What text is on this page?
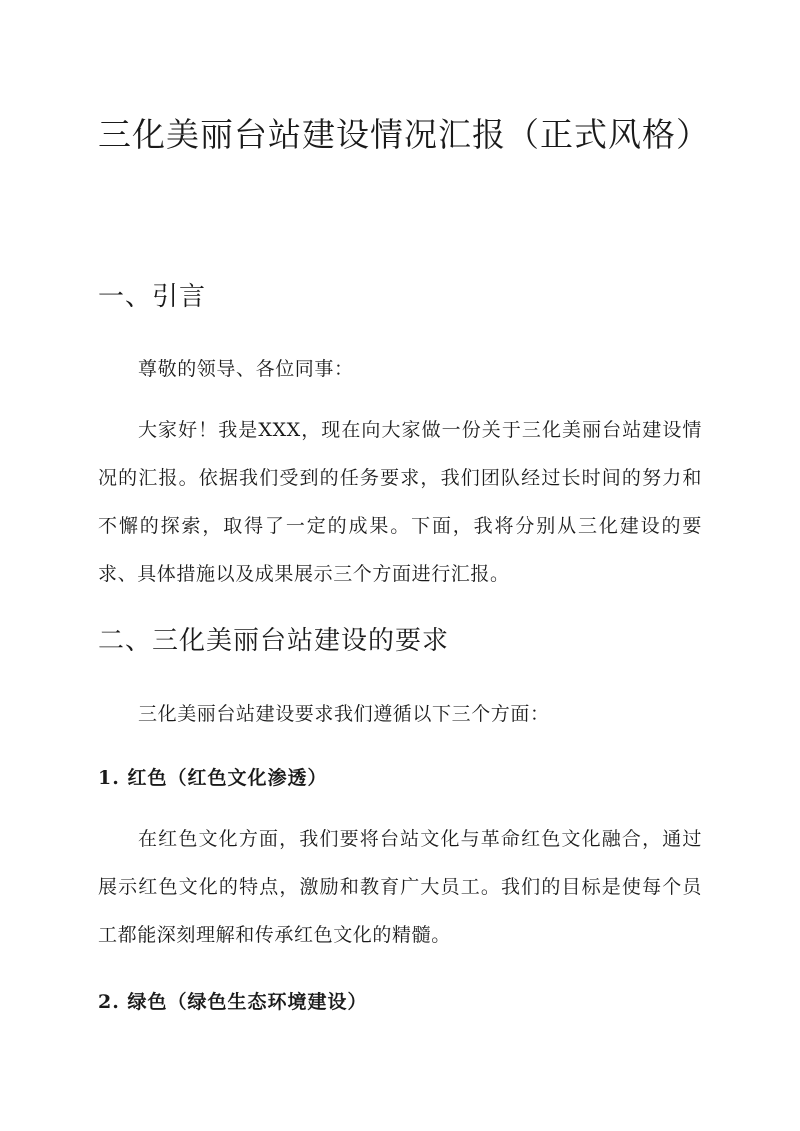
三化美丽台站建设情况汇报（正式风格）
一、引言

尊敬的领导、各位同事：

大家好！我是XXX，现在向大家做一份关于三化美丽台站建设情况的汇报。依据我们受到的任务要求，我们团队经过长时间的努力和不懈的探索，取得了一定的成果。下面，我将分别从三化建设的要求、具体措施以及成果展示三个方面进行汇报。

二、三化美丽台站建设的要求

三化美丽台站建设要求我们遵循以下三个方面：

1. 红色（红色文化渗透）

在红色文化方面，我们要将台站文化与革命红色文化融合，通过展示红色文化的特点，激励和教育广大员工。我们的目标是使每个员工都能深刻理解和传承红色文化的精髓。

2. 绿色（绿色生态环境建设）
